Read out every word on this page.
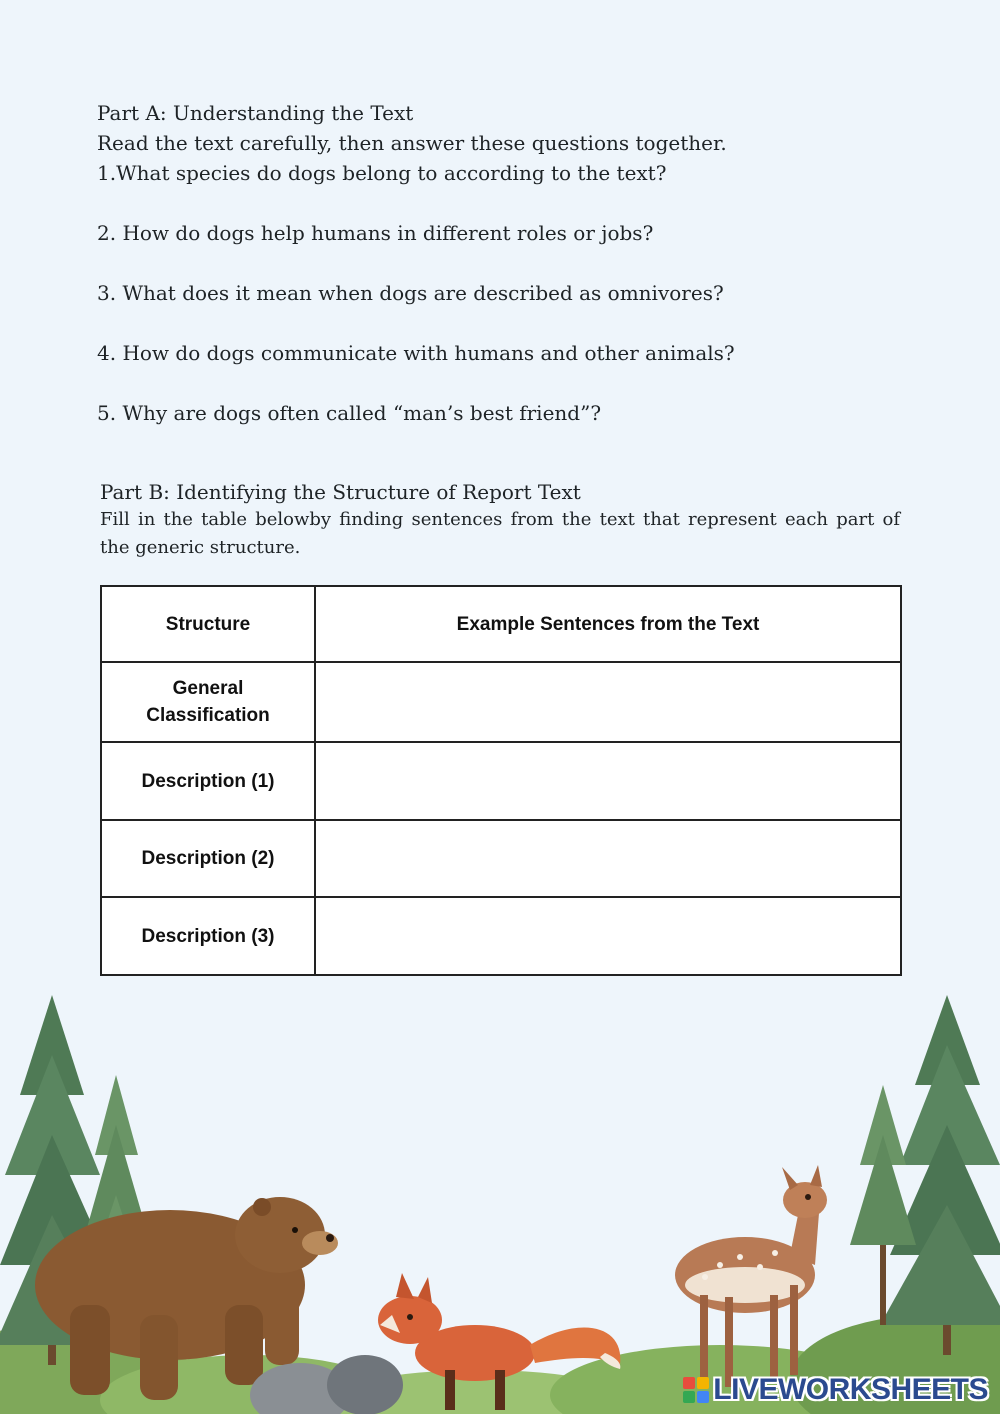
Part A: Understanding the Text
Read the text carefully, then answer these questions together.
1.What species do dogs belong to according to the text?
2. How do dogs help humans in different roles or jobs?
3. What does it mean when dogs are described as omnivores?
4. How do dogs communicate with humans and other animals?
5. Why are dogs often called “man’s best friend”?
Part B: Identifying the Structure of Report Text
Fill in the table belowby finding sentences from the text that represent each part of the generic structure.
Structure	Example Sentences from the Text
General Classification	
Description (1)	
Description (2)	
Description (3)	
LIVEWORKSHEETS
